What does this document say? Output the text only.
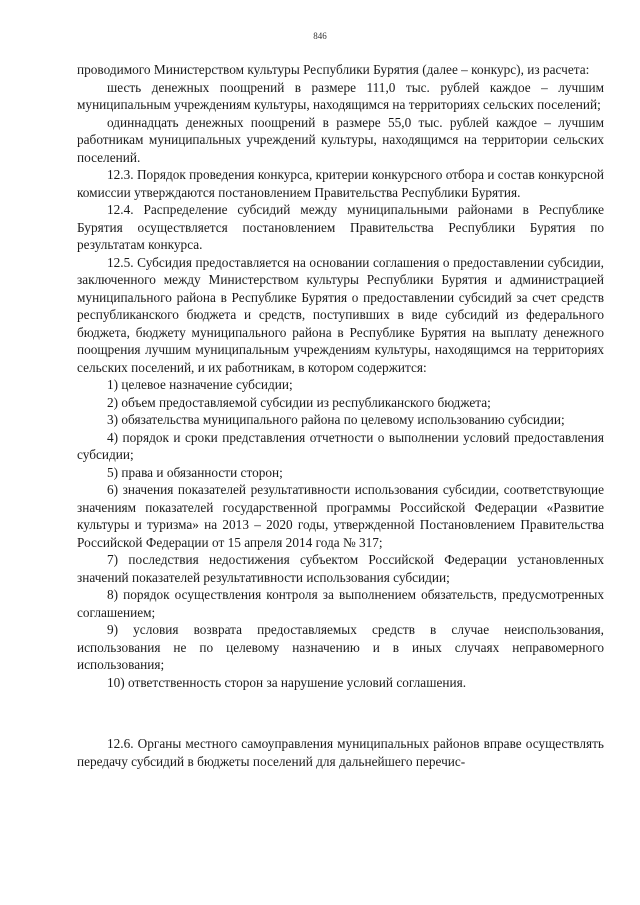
846

проводимого Министерством культуры Республики Бурятия (далее – конкурс), из расчета:

шесть денежных поощрений в размере 111,0 тыс. рублей каждое – лучшим муниципальным учреждениям культуры, находящимся на территориях сельских поселений;

одиннадцать денежных поощрений в размере 55,0 тыс. рублей каждое – лучшим работникам муниципальных учреждений культуры, находящимся на территории сельских поселений.

12.3. Порядок проведения конкурса, критерии конкурсного отбора и состав конкурсной комиссии утверждаются постановлением Правительства Республики Бурятия.

12.4. Распределение субсидий между муниципальными районами в Республике Бурятия осуществляется постановлением Правительства Республики Бурятия по результатам конкурса.

12.5. Субсидия предоставляется на основании соглашения о предоставлении субсидии, заключенного между Министерством культуры Республики Бурятия и администрацией муниципального района в Республике Бурятия о предоставлении субсидий за счет средств республиканского бюджета и средств, поступивших в виде субсидий из федерального бюджета, бюджету муниципального района в Республике Бурятия на выплату денежного поощрения лучшим муниципальным учреждениям культуры, находящимся на территориях сельских поселений, и их работникам, в котором содержится:

1) целевое назначение субсидии;

2) объем предоставляемой субсидии из республиканского бюджета;

3) обязательства муниципального района по целевому использованию субсидии;

4) порядок и сроки представления отчетности о выполнении условий предоставления субсидии;

5) права и обязанности сторон;

6) значения показателей результативности использования субсидии, соответствующие значениям показателей государственной программы Российской Федерации «Развитие культуры и туризма» на 2013 – 2020 годы, утвержденной Постановлением Правительства Российской Федерации от 15 апреля 2014 года № 317;

7) последствия недостижения субъектом Российской Федерации установленных значений показателей результативности использования субсидии;

8) порядок осуществления контроля за выполнением обязательств, предусмотренных соглашением;

9) условия возврата предоставляемых средств в случае неиспользования, использования не по целевому назначению и в иных случаях неправомерного использования;

10) ответственность сторон за нарушение условий соглашения.

12.6. Органы местного самоуправления муниципальных районов вправе осуществлять передачу субсидий в бюджеты поселений для дальнейшего перечис-
